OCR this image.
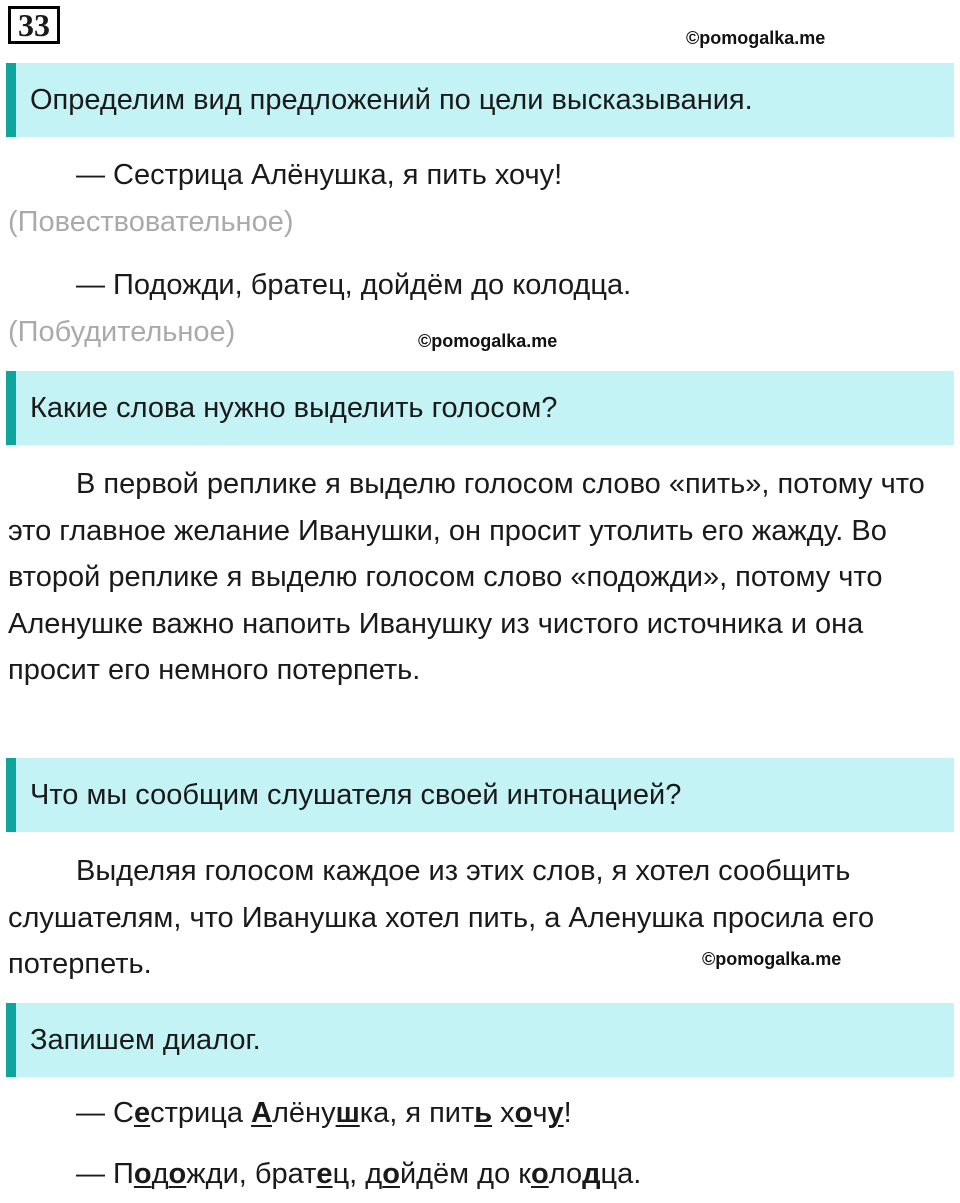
33	©pomogalka.me
Определим вид предложений по цели высказывания.
— Сестрица Алёнушка, я пить хочу!
(Повествовательное)
— Подожди, братец, дойдём до колодца.
(Побудительное)	©pomogalka.me
Какие слова нужно выделить голосом?
В первой реплике я выделю голосом слово «пить», потому что это главное желание Иванушки, он просит утолить его жажду. Во второй реплике я выделю голосом слово «подожди», потому что Аленушке важно напоить Иванушку из чистого источника и она просит его немного потерпеть.
Что мы сообщим слушателя своей интонацией?
Выделяя голосом каждое из этих слов, я хотел сообщить слушателям, что Иванушка хотел пить, а Аленушка просила его потерпеть.	©pomogalka.me
Запишем диалог.
— Сестрица Алёнушка, я пить хочу!
— Подожди, братец, дойдём до колодца.
